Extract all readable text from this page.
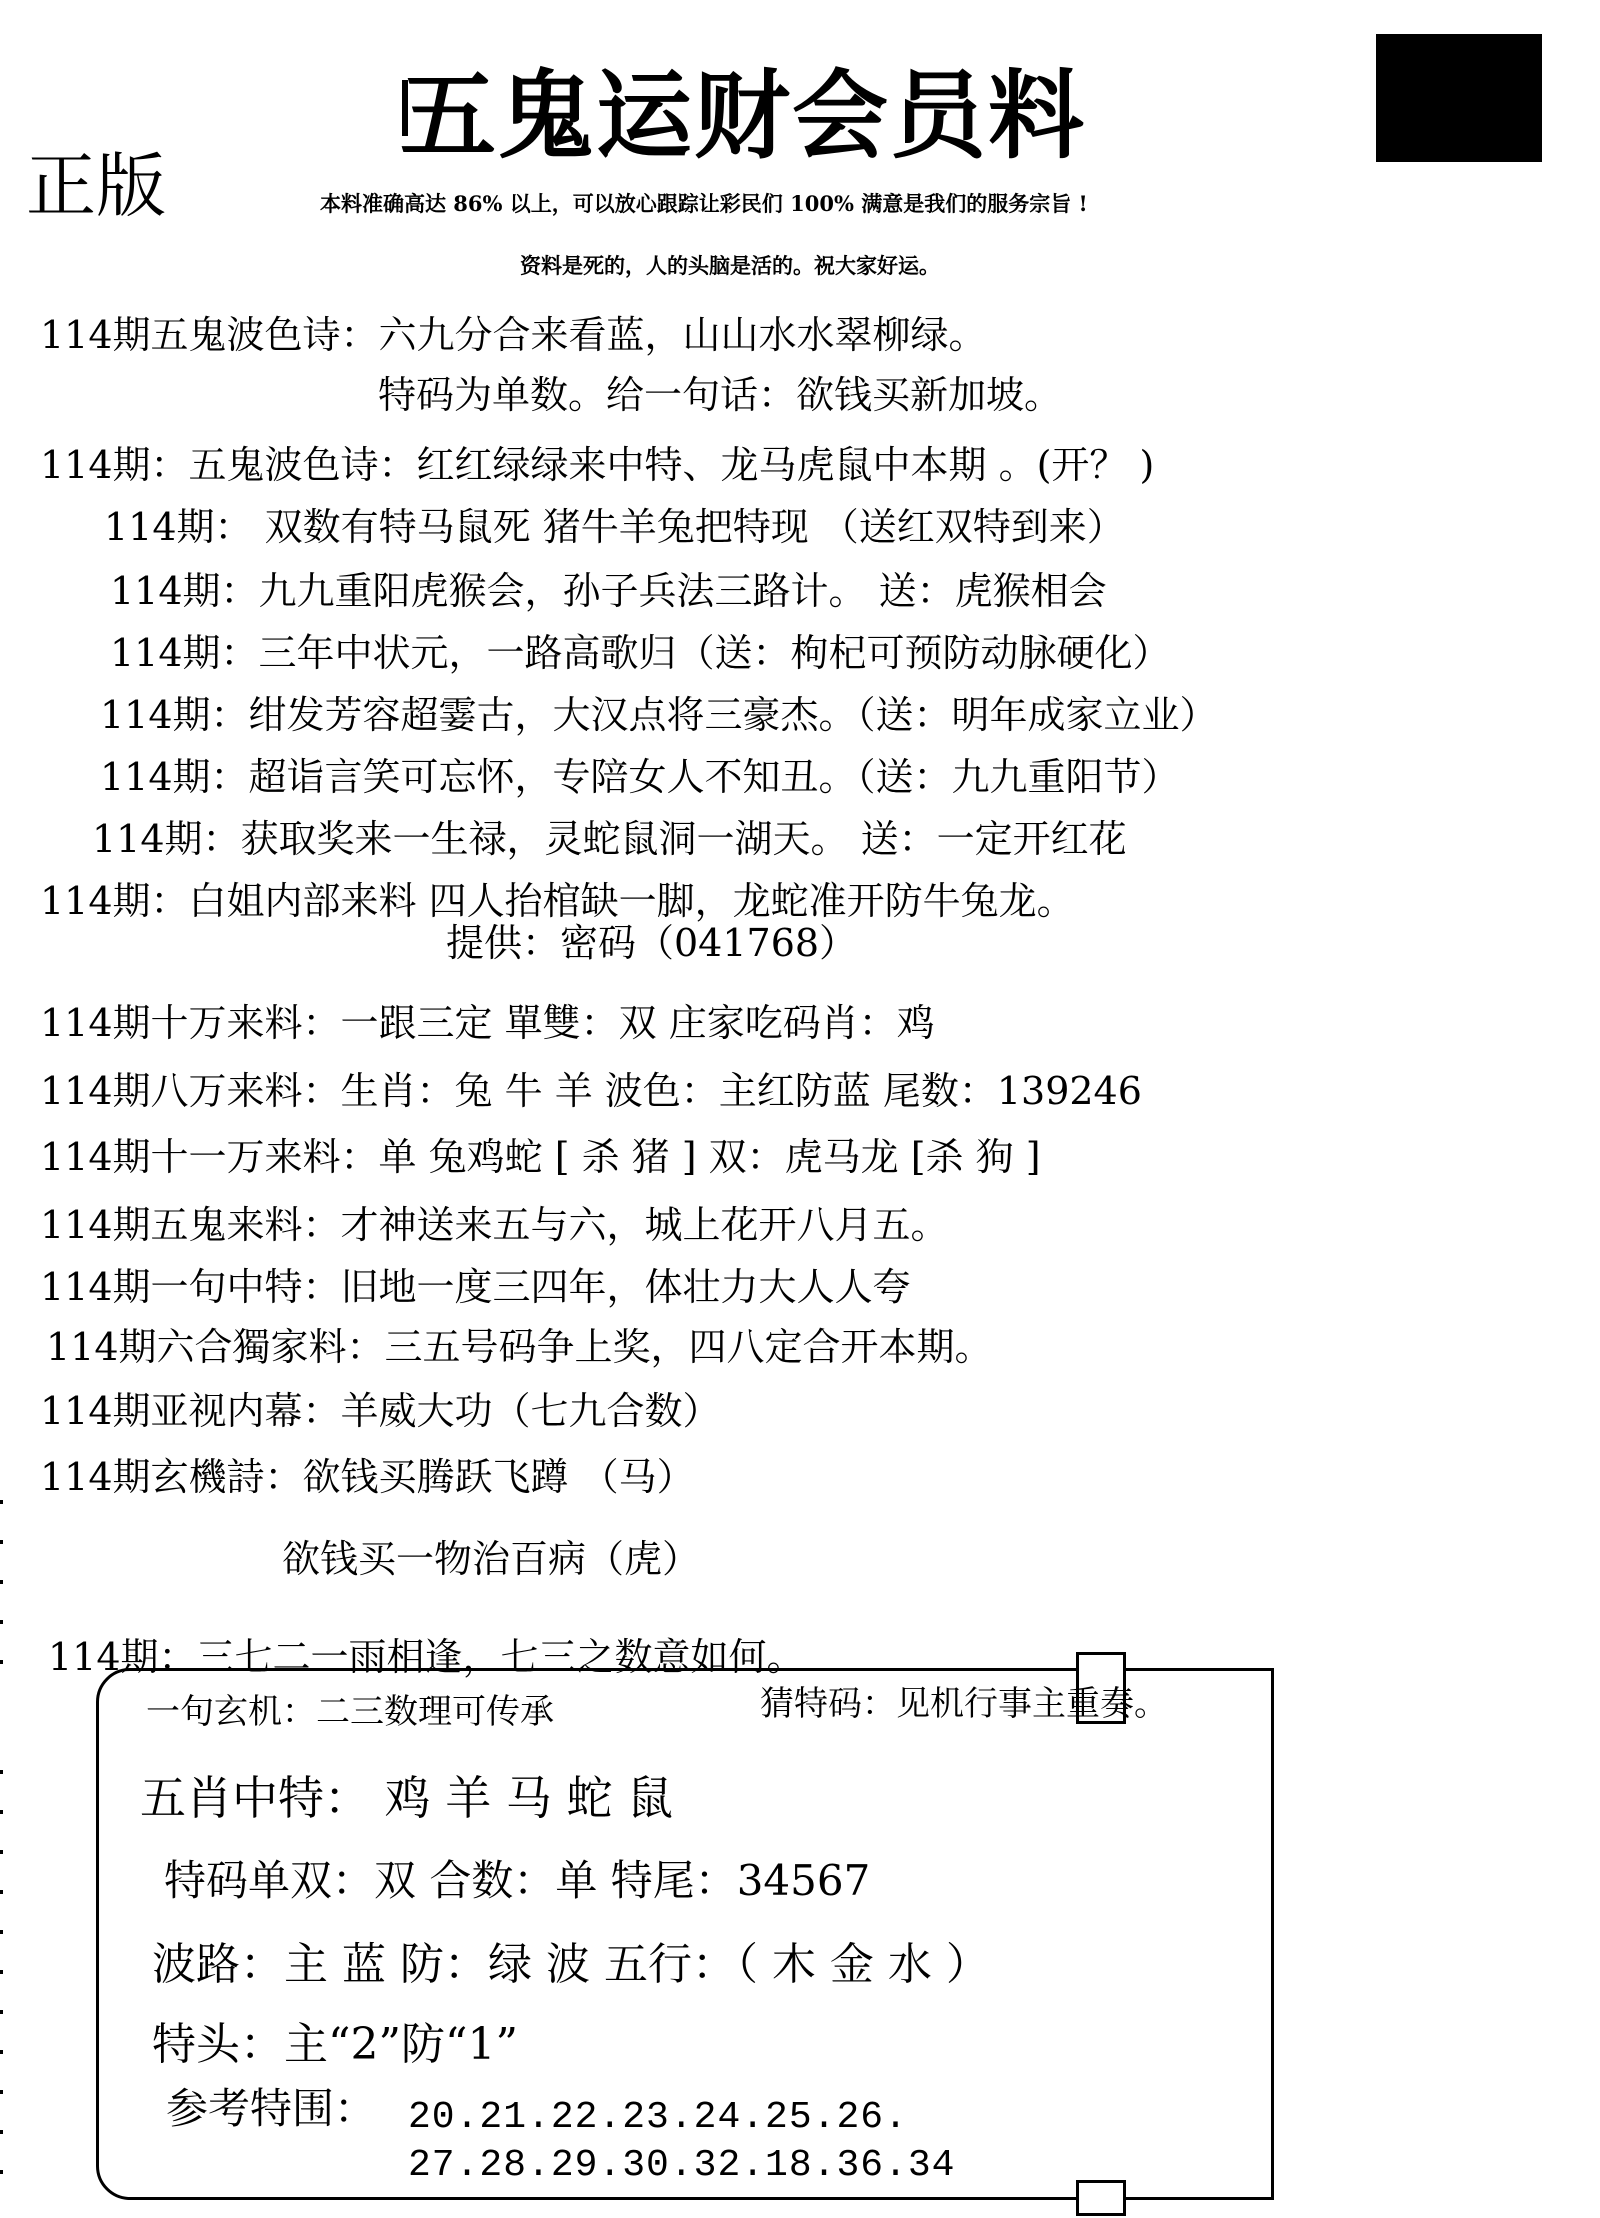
五鬼运财会员料
正版	本料准确高达 86% 以上，可以放心跟踪让彩民们 100% 满意是我们的服务宗旨 !
资料是死的，人的头脑是活的。祝大家好运。
114期五鬼波色诗：六九分合来看蓝，山山水水翠柳绿。
特码为单数。给一句话：欲钱买新加坡。
114期：五鬼波色诗：红红绿绿来中特、龙马虎鼠中本期 。(开？ )
114期： 双数有特马鼠死 猪牛羊兔把特现 （送红双特到来）
114期：九九重阳虎猴会，孙子兵法三路计。 送：虎猴相会
114期：三年中状元，一路高歌归（送：枸杞可预防动脉硬化）
114期：绀发芳容超霎古，大汉点将三豪杰。（送：明年成家立业）
114期：超诣言笑可忘怀，专陪女人不知丑。（送：九九重阳节）
114期：获取奖来一生禄，灵蛇鼠洞一湖天。 送：一定开红花
114期：白姐内部来料 四人抬棺缺一脚，龙蛇准开防牛兔龙。
提供：密码（041768）
114期十万来料：一跟三定 單雙：双 庄家吃码肖：鸡
114期八万来料：生肖：兔 牛 羊 波色：主红防蓝 尾数：139246
114期十一万来料：单 兔鸡蛇 [ 杀 猪 ] 双：虎马龙 [杀 狗 ]
114期五鬼来料：才神送来五与六，城上花开八月五。
114期一句中特：旧地一度三四年，体壮力大人人夸
114期六合獨家料：三五号码争上奖，四八定合开本期。
114期亚视内幕：羊威大功（七九合数）
114期玄機詩：欲钱买腾跃飞蹲 （马）
欲钱买一物治百病（虎）
114期：三七二一雨相逢，七三之数意如何。
一句玄机：二三数理可传承	猜特码：见机行事主重奏。
五肖中特： 鸡 羊 马 蛇 鼠
特码单双：双 合数：单 特尾：34567
波路：主 蓝 防：绿 波 五行：（ 木 金 水 ）
特头：主“2”防“1”
参考特围： 20.21.22.23.24.25.26.
27.28.29.30.32.18.36.34
